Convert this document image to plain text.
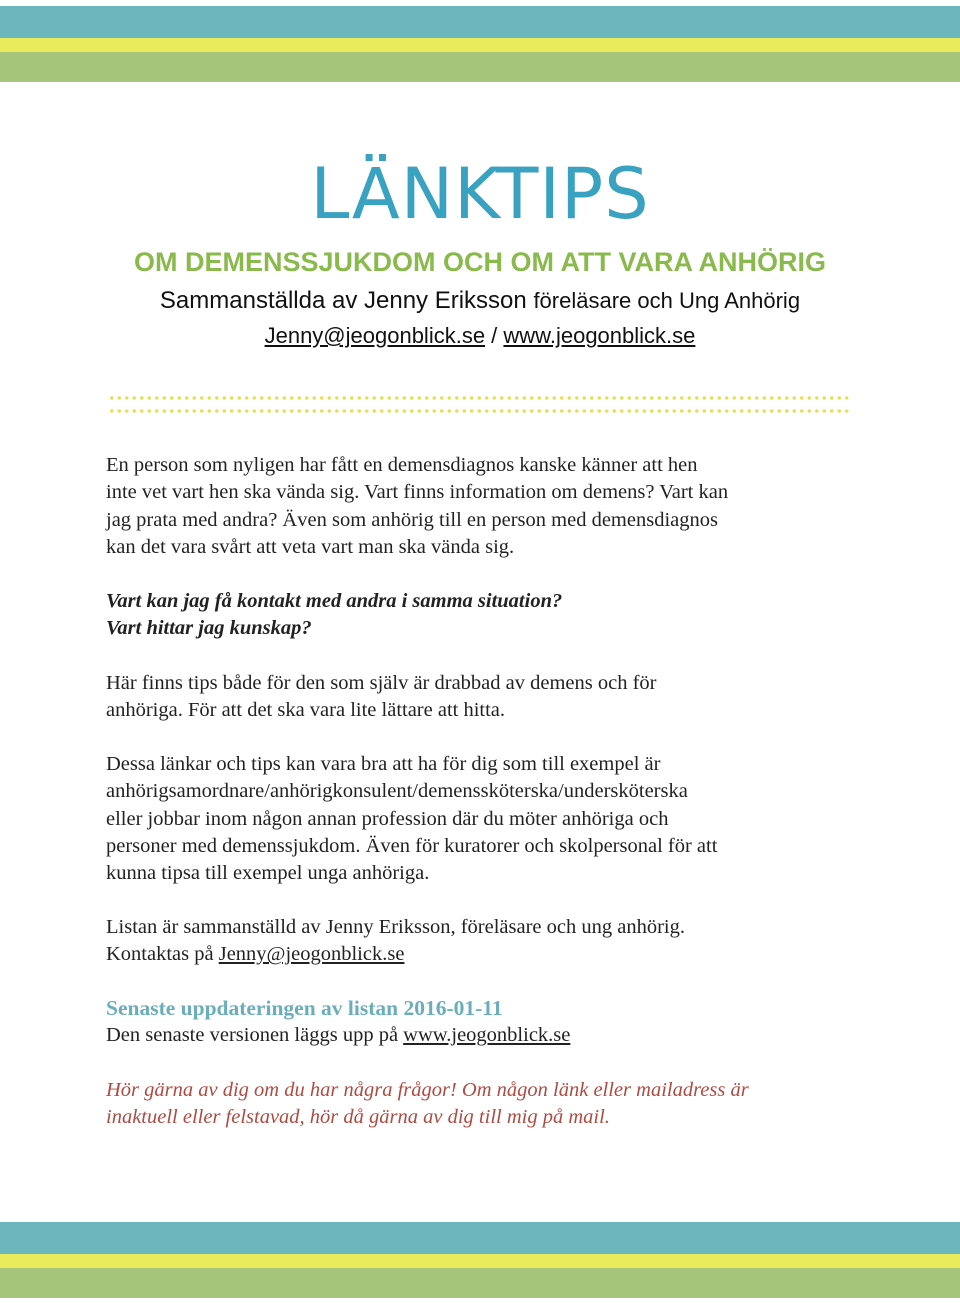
LÄNKTIPS
OM DEMENSSJUKDOM OCH OM ATT VARA ANHÖRIG
Sammanställda av Jenny Eriksson föreläsare och Ung Anhörig
Jenny@jeogonblick.se / www.jeogonblick.se
En person som nyligen har fått en demensdiagnos kanske känner att hen
inte vet vart hen ska vända sig. Vart finns information om demens? Vart kan
jag prata med andra? Även som anhörig till en person med demensdiagnos
kan det vara svårt att veta vart man ska vända sig.
Vart kan jag få kontakt med andra i samma situation?
Vart hittar jag kunskap?
Här finns tips både för den som själv är drabbad av demens och för
anhöriga. För att det ska vara lite lättare att hitta.
Dessa länkar och tips kan vara bra att ha för dig som till exempel är
anhörigsamordnare/anhörigkonsulent/demenssköterska/undersköterska
eller jobbar inom någon annan profession där du möter anhöriga och
personer med demenssjukdom. Även för kuratorer och skolpersonal för att
kunna tipsa till exempel unga anhöriga.
Listan är sammanställd av Jenny Eriksson, föreläsare och ung anhörig.
Kontaktas på Jenny@jeogonblick.se
Senaste uppdateringen av listan 2016-01-11
Den senaste versionen läggs upp på www.jeogonblick.se
Hör gärna av dig om du har några frågor! Om någon länk eller mailadress är
inaktuell eller felstavad, hör då gärna av dig till mig på mail.
